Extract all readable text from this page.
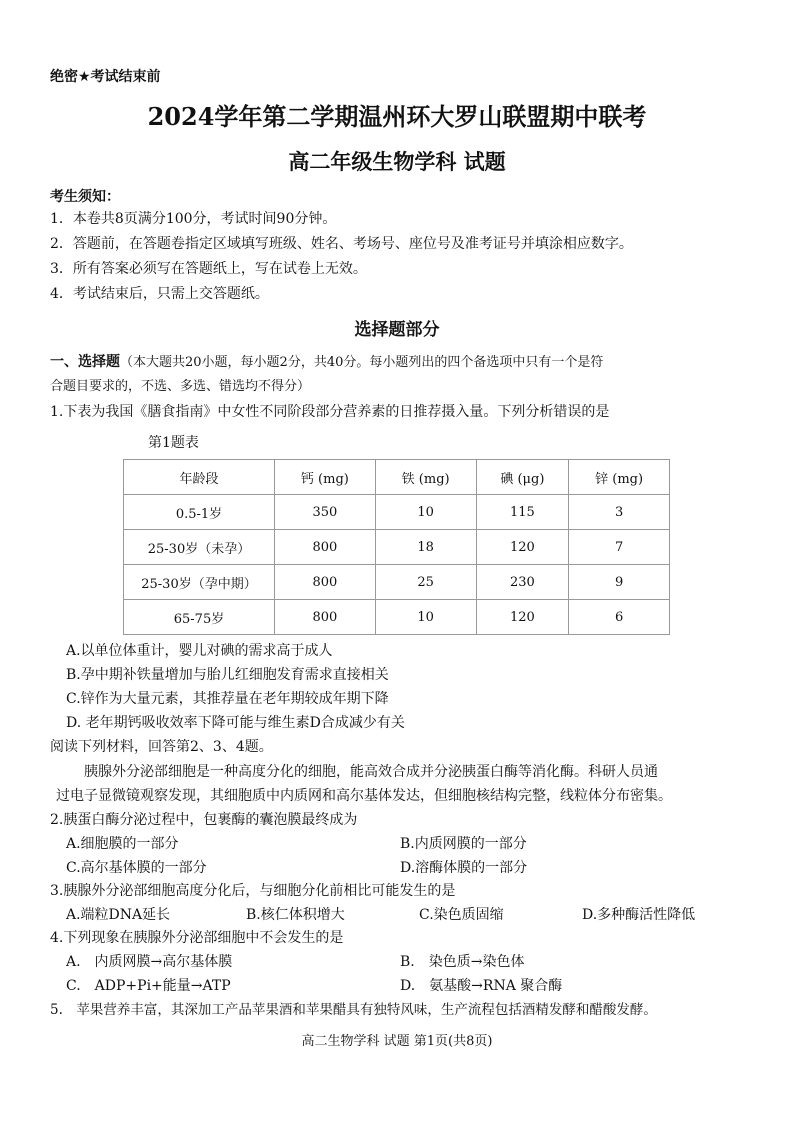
绝密★考试结束前
2024学年第二学期温州环大罗山联盟期中联考
高二年级生物学科 试题
考生须知：
1．本卷共8页满分100分，考试时间90分钟。
2．答题前，在答题卷指定区域填写班级、姓名、考场号、座位号及准考证号并填涂相应数字。
3．所有答案必须写在答题纸上，写在试卷上无效。
4．考试结束后，只需上交答题纸。
选择题部分
一、选择题（本大题共20小题，每小题2分，共40分。每小题列出的四个备选项中只有一个是符
合题目要求的，不选、多选、错选均不得分）
1.下表为我国《膳食指南》中女性不同阶段部分营养素的日推荐摄入量。下列分析错误的是
第1题表
年龄段	钙 (mg)	铁 (mg)	碘 (μg)	锌 (mg)
0.5-1岁	350	10	115	3
25-30岁（未孕）	800	18	120	7
25-30岁（孕中期）	800	25	230	9
65-75岁	800	10	120	6
A.以单位体重计，婴儿对碘的需求高于成人
B.孕中期补铁量增加与胎儿红细胞发育需求直接相关
C.锌作为大量元素，其推荐量在老年期较成年期下降
D. 老年期钙吸收效率下降可能与维生素D合成减少有关
阅读下列材料，回答第2、3、4题。
胰腺外分泌部细胞是一种高度分化的细胞，能高效合成并分泌胰蛋白酶等消化酶。科研人员通
过电子显微镜观察发现，其细胞质中内质网和高尔基体发达，但细胞核结构完整，线粒体分布密集。
2.胰蛋白酶分泌过程中，包裹酶的囊泡膜最终成为
A.细胞膜的一部分	B.内质网膜的一部分
C.高尔基体膜的一部分	D.溶酶体膜的一部分
3.胰腺外分泌部细胞高度分化后，与细胞分化前相比可能发生的是
A.端粒DNA延长	B.核仁体积增大	C.染色质固缩	D.多种酶活性降低
4.下列现象在胰腺外分泌部细胞中不会发生的是
A.　内质网膜→高尔基体膜	B.　染色质→染色体
C.　ADP+Pi+能量→ATP	D.　氨基酸→RNA 聚合酶
5.　苹果营养丰富，其深加工产品苹果酒和苹果醋具有独特风味，生产流程包括酒精发酵和醋酸发酵。
高二生物学科 试题 第1页(共8页)
